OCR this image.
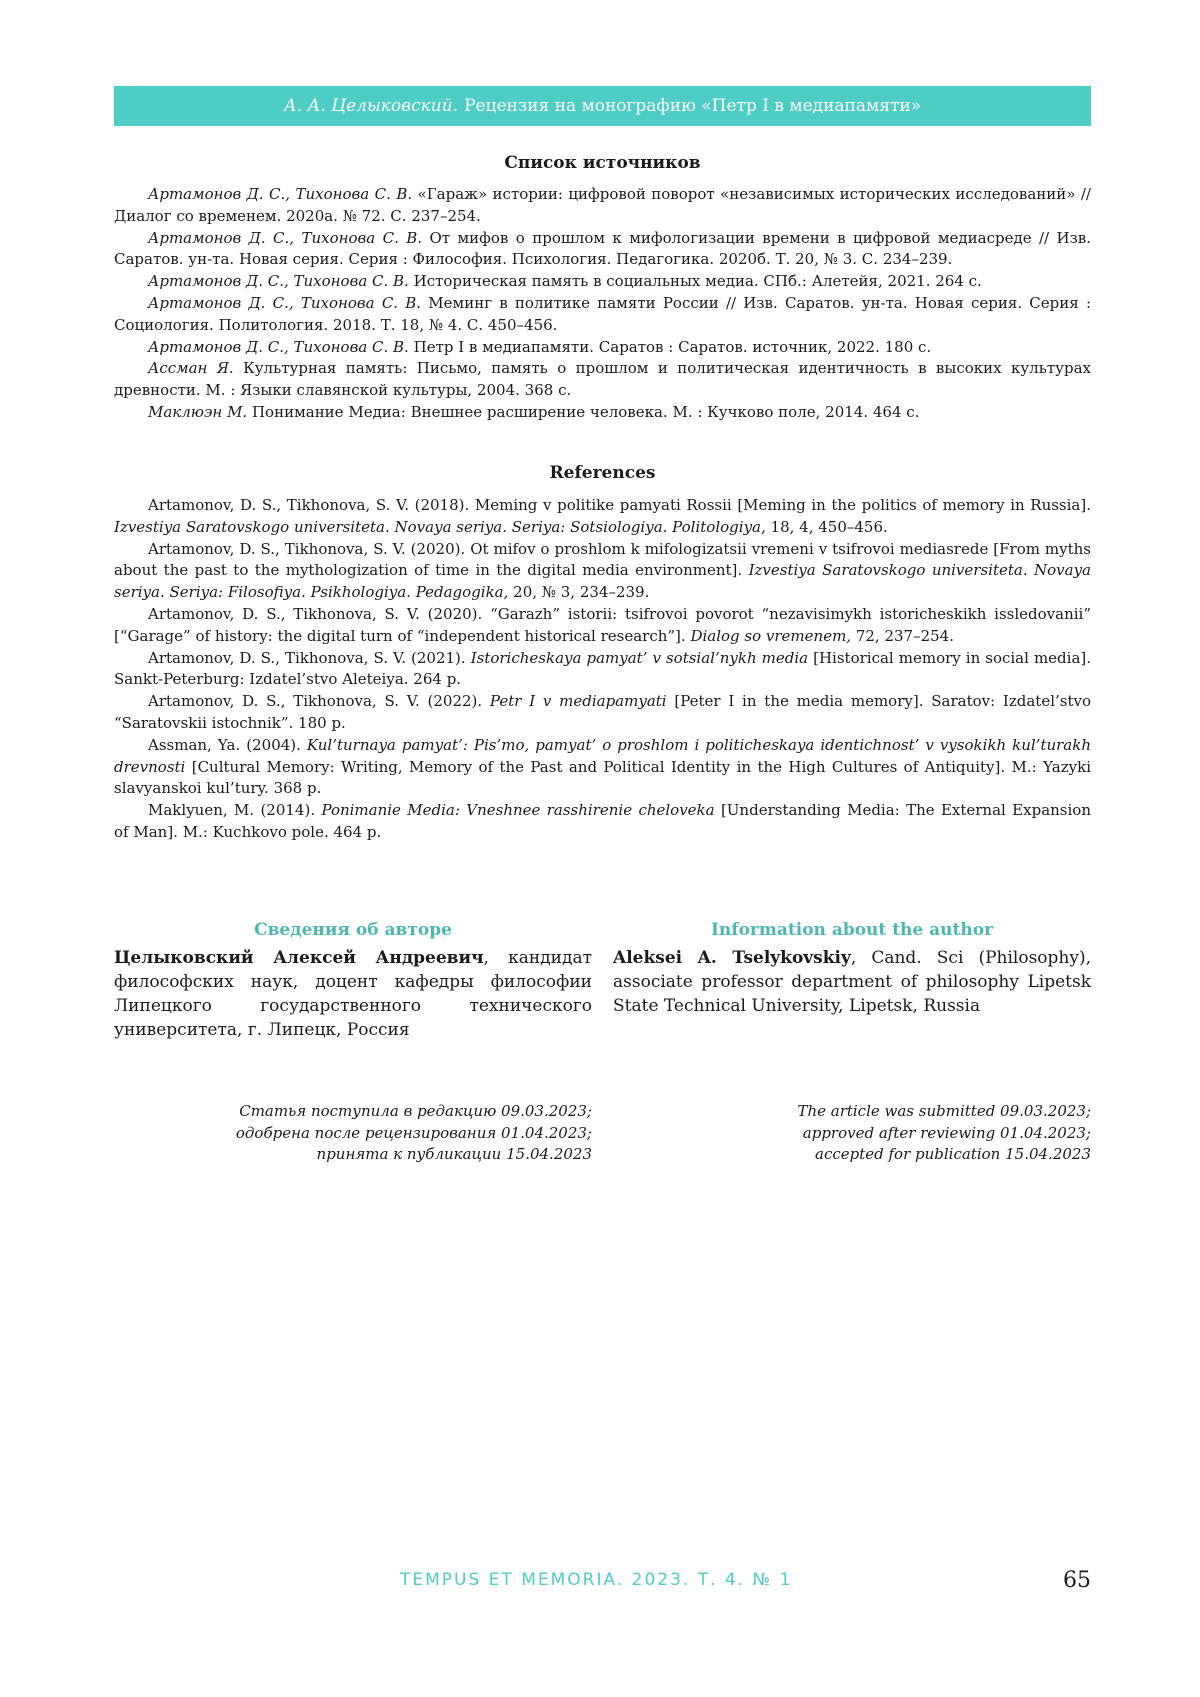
А. А. Целыковский. Рецензия на монографию «Петр I в медиапамяти»
Список источников

Артамонов Д. С., Тихонова С. В. «Гараж» истории: цифровой поворот «независимых исторических исследований» // Диалог со временем. 2020а. № 72. С. 237–254.

Артамонов Д. С., Тихонова С. В. От мифов о прошлом к мифологизации времени в цифровой медиасреде // Изв. Саратов. ун-та. Новая серия. Серия : Философия. Психология. Педагогика. 2020б. Т. 20, № 3. С. 234–239.

Артамонов Д. С., Тихонова С. В. Историческая память в социальных медиа. СПб.: Алетейя, 2021. 264 с.

Артамонов Д. С., Тихонова С. В. Меминг в политике памяти России // Изв. Саратов. ун-та. Новая серия. Серия : Социология. Политология. 2018. Т. 18, № 4. С. 450–456.

Артамонов Д. С., Тихонова С. В. Петр I в медиапамяти. Саратов : Саратов. источник, 2022. 180 с.

Ассман Я. Культурная память: Письмо, память о прошлом и политическая идентичность в высоких культурах древности. М. : Языки славянской культуры, 2004. 368 с.

Маклюэн М. Понимание Медиа: Внешнее расширение человека. М. : Кучково поле, 2014. 464 с.

References

Artamonov, D. S., Tikhonova, S. V. (2018). Meming v politike pamyati Rossii [Meming in the politics of memory in Russia]. Izvestiya Saratovskogo universiteta. Novaya seriya. Seriya: Sotsiologiya. Politologiya, 18, 4, 450–456.

Artamonov, D. S., Tikhonova, S. V. (2020). Ot mifov o proshlom k mifologizatsii vremeni v tsifrovoi mediasrede [From myths about the past to the mythologization of time in the digital media environment]. Izvestiya Saratovskogo universiteta. Novaya seriya. Seriya: Filosofiya. Psikhologiya. Pedagogika, 20, № 3, 234–239.

Artamonov, D. S., Tikhonova, S. V. (2020). “Garazh” istorii: tsifrovoi povorot “nezavisimykh istoricheskikh issledovanii” [“Garage” of history: the digital turn of “independent historical research”]. Dialog so vremenem, 72, 237–254.

Artamonov, D. S., Tikhonova, S. V. (2021). Istoricheskaya pamyat’ v sotsial’nykh media [Historical memory in social media]. Sankt-Peterburg: Izdatel’stvo Aleteiya. 264 p.

Artamonov, D. S., Tikhonova, S. V. (2022). Petr I v mediapamyati [Peter I in the media memory]. Saratov: Izdatel’stvo “Saratovskii istochnik”. 180 p.

Assman, Ya. (2004). Kul’turnaya pamyat’: Pis’mo, pamyat’ o proshlom i politicheskaya identichnost’ v vysokikh kul’turakh drevnosti [Cultural Memory: Writing, Memory of the Past and Political Identity in the High Cultures of Antiquity]. M.: Yazyki slavyanskoi kul’tury. 368 p.

Maklyuen, M. (2014). Ponimanie Media: Vneshnee rasshirenie cheloveka [Understanding Media: The External Expansion of Man]. M.: Kuchkovo pole. 464 p.

Сведения об авторе

Целыковский Алексей Андреевич, кандидат философских наук, доцент кафедры философии Липецкого государственного технического университета, г. Липецк, Россия

Information about the author

Aleksei A. Tselykovskiy, Cand. Sci (Philosophy), associate professor department of philosophy Lipetsk State Technical University, Lipetsk, Russia

Статья поступила в редакцию 09.03.2023;
одобрена после рецензирования 01.04.2023;
принята к публикации 15.04.2023
The article was submitted 09.03.2023;
approved after reviewing 01.04.2023;
accepted for publication 15.04.2023
TEMPUS ET MEMORIA. 2023. Т. 4. № 1	65
